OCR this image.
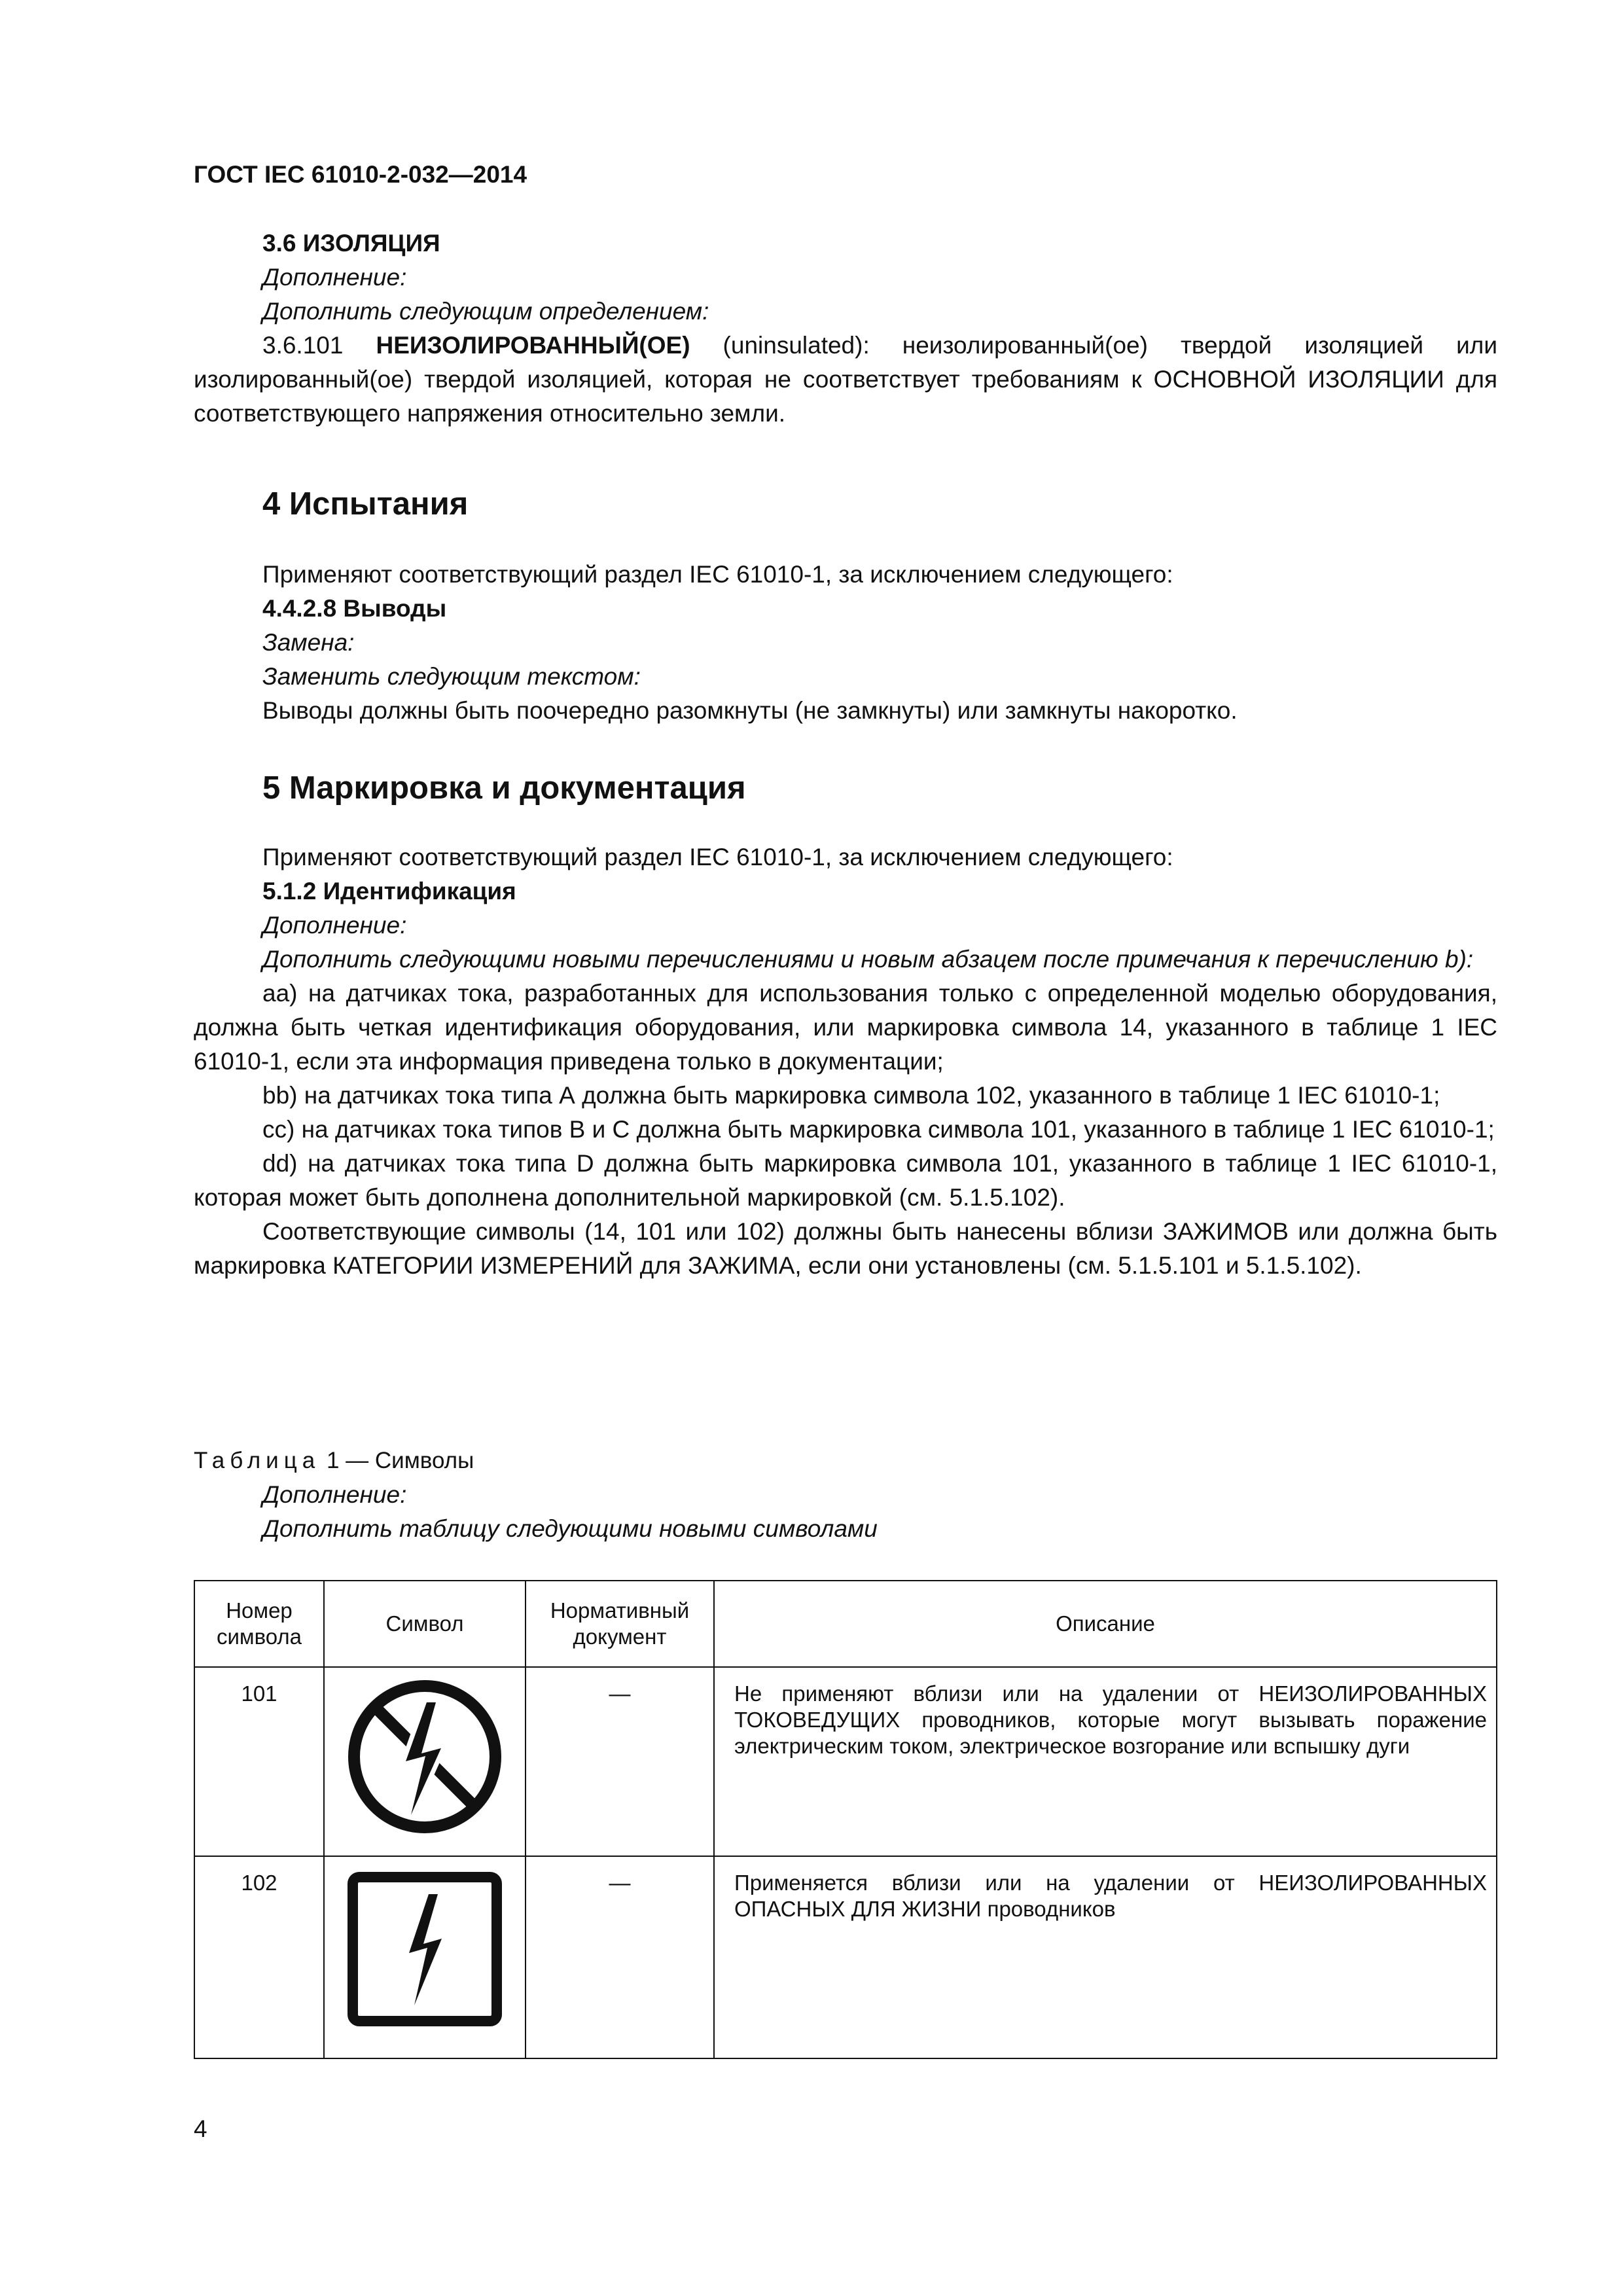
ГОСТ IEC 61010-2-032—2014

3.6 ИЗОЛЯЦИЯ

Дополнение:

Дополнить следующим определением:

3.6.101 НЕИЗОЛИРОВАННЫЙ(ОЕ) (uninsulated): неизолированный(ое) твердой изоляцией или изолированный(ое) твердой изоляцией, которая не соответствует требованиям к ОСНОВНОЙ ИЗОЛЯЦИИ для соответствующего напряжения относительно земли.

4 Испытания

Применяют соответствующий раздел IEC 61010-1, за исключением следующего:

4.4.2.8 Выводы

Замена:

Заменить следующим текстом:

Выводы должны быть поочередно разомкнуты (не замкнуты) или замкнуты накоротко.

5 Маркировка и документация

Применяют соответствующий раздел IEC 61010-1, за исключением следующего:

5.1.2 Идентификация

Дополнение:

Дополнить следующими новыми перечислениями и новым абзацем после примечания к перечислению b):

аа) на датчиках тока, разработанных для использования только с определенной моделью оборудования, должна быть четкая идентификация оборудования, или маркировка символа 14, указанного в таблице 1 IEC 61010-1, если эта информация приведена только в документации;

bb) на датчиках тока типа А должна быть маркировка символа 102, указанного в таблице 1 IEC 61010-1;

cc) на датчиках тока типов В и С должна быть маркировка символа 101, указанного в таблице 1 IEC 61010-1;

dd) на датчиках тока типа D должна быть маркировка символа 101, указанного в таблице 1 IEC 61010-1, которая может быть дополнена дополнительной маркировкой (см. 5.1.5.102).

Соответствующие символы (14, 101 или 102) должны быть нанесены вблизи ЗАЖИМОВ или должна быть маркировка КАТЕГОРИИ ИЗМЕРЕНИЙ для ЗАЖИМА, если они установлены (см. 5.1.5.101 и 5.1.5.102).

Таблица 1 — Символы

Дополнение:

Дополнить таблицу следующими новыми символами

Номер символа	Символ	Нормативный документ	Описание
101		—	Не применяют вблизи или на удалении от НЕИЗОЛИРОВАННЫХ ТОКОВЕДУЩИХ проводников, которые могут вызывать поражение электрическим током, электрическое возгорание или вспышку дуги
102		—	Применяется вблизи или на удалении от НЕИЗОЛИРОВАННЫХ ОПАСНЫХ ДЛЯ ЖИЗНИ проводников
4
